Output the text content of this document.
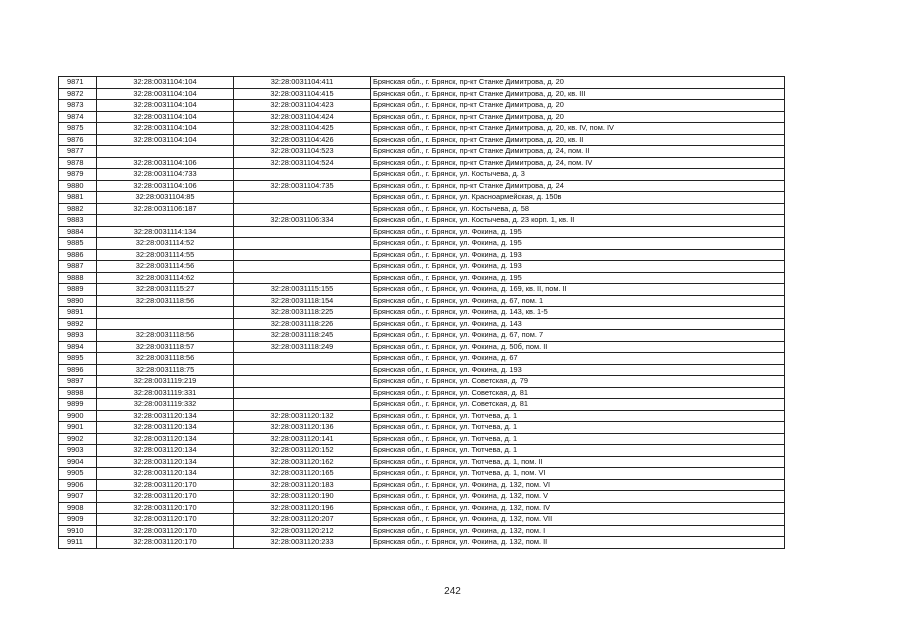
9871	32:28:0031104:104	32:28:0031104:411	Брянская обл., г. Брянск, пр-кт Станке Димитрова, д. 20
9872	32:28:0031104:104	32:28:0031104:415	Брянская обл., г. Брянск, пр-кт Станке Димитрова, д. 20, кв. III
9873	32:28:0031104:104	32:28:0031104:423	Брянская обл., г. Брянск, пр-кт Станке Димитрова, д. 20
9874	32:28:0031104:104	32:28:0031104:424	Брянская обл., г. Брянск, пр-кт Станке Димитрова, д. 20
9875	32:28:0031104:104	32:28:0031104:425	Брянская обл., г. Брянск, пр-кт Станке Димитрова, д. 20, кв. IV, пом. IV
9876	32:28:0031104:104	32:28:0031104:426	Брянская обл., г. Брянск, пр-кт Станке Димитрова, д. 20, кв. II
9877		32:28:0031104:523	Брянская обл., г. Брянск, пр-кт Станке Димитрова, д. 24, пом. II
9878	32:28:0031104:106	32:28:0031104:524	Брянская обл., г. Брянск, пр-кт Станке Димитрова, д. 24, пом. IV
9879	32:28:0031104:733		Брянская обл., г. Брянск, ул. Костычева, д. 3
9880	32:28:0031104:106	32:28:0031104:735	Брянская обл., г. Брянск, пр-кт Станке Димитрова, д. 24
9881	32:28:0031104:85		Брянская обл., г. Брянск, ул. Красноармейская, д. 150в
9882	32:28:0031106:187		Брянская обл., г. Брянск, ул. Костычева, д. 58
9883		32:28:0031106:334	Брянская обл., г. Брянск, ул. Костычева, д. 23 корп. 1, кв. II
9884	32:28:0031114:134		Брянская обл., г. Брянск, ул. Фокина, д. 195
9885	32:28:0031114:52		Брянская обл., г. Брянск, ул. Фокина, д. 195
9886	32:28:0031114:55		Брянская обл., г. Брянск, ул. Фокина, д. 193
9887	32:28:0031114:56		Брянская обл., г. Брянск, ул. Фокина, д. 193
9888	32:28:0031114:62		Брянская обл., г. Брянск, ул. Фокина, д. 195
9889	32:28:0031115:27	32:28:0031115:155	Брянская обл., г. Брянск, ул. Фокина, д. 169, кв. II, пом. II
9890	32:28:0031118:56	32:28:0031118:154	Брянская обл., г. Брянск, ул. Фокина, д. 67, пом. 1
9891		32:28:0031118:225	Брянская обл., г. Брянск, ул. Фокина, д. 143, кв. 1-5
9892		32:28:0031118:226	Брянская обл., г. Брянск, ул. Фокина, д. 143
9893	32:28:0031118:56	32:28:0031118:245	Брянская обл., г. Брянск, ул. Фокина, д. 67, пом. 7
9894	32:28:0031118:57	32:28:0031118:249	Брянская обл., г. Брянск, ул. Фокина, д. 50б, пом. II
9895	32:28:0031118:56		Брянская обл., г. Брянск, ул. Фокина, д. 67
9896	32:28:0031118:75		Брянская обл., г. Брянск, ул. Фокина, д. 193
9897	32:28:0031119:219		Брянская обл., г. Брянск, ул. Советская, д. 79
9898	32:28:0031119:331		Брянская обл., г. Брянск, ул. Советская, д. 81
9899	32:28:0031119:332		Брянская обл., г. Брянск, ул. Советская, д. 81
9900	32:28:0031120:134	32:28:0031120:132	Брянская обл., г. Брянск, ул. Тютчева, д. 1
9901	32:28:0031120:134	32:28:0031120:136	Брянская обл., г. Брянск, ул. Тютчева, д. 1
9902	32:28:0031120:134	32:28:0031120:141	Брянская обл., г. Брянск, ул. Тютчева, д. 1
9903	32:28:0031120:134	32:28:0031120:152	Брянская обл., г. Брянск, ул. Тютчева, д. 1
9904	32:28:0031120:134	32:28:0031120:162	Брянская обл., г. Брянск, ул. Тютчева, д. 1, пом. II
9905	32:28:0031120:134	32:28:0031120:165	Брянская обл., г. Брянск, ул. Тютчева, д. 1, пом. VI
9906	32:28:0031120:170	32:28:0031120:183	Брянская обл., г. Брянск, ул. Фокина, д. 132, пом. VI
9907	32:28:0031120:170	32:28:0031120:190	Брянская обл., г. Брянск, ул. Фокина, д. 132, пом. V
9908	32:28:0031120:170	32:28:0031120:196	Брянская обл., г. Брянск, ул. Фокина, д. 132, пом. IV
9909	32:28:0031120:170	32:28:0031120:207	Брянская обл., г. Брянск, ул. Фокина, д. 132, пом. VII
9910	32:28:0031120:170	32:28:0031120:212	Брянская обл., г. Брянск, ул. Фокина, д. 132, пом. I
9911	32:28:0031120:170	32:28:0031120:233	Брянская обл., г. Брянск, ул. Фокина, д. 132, пом. II
242
